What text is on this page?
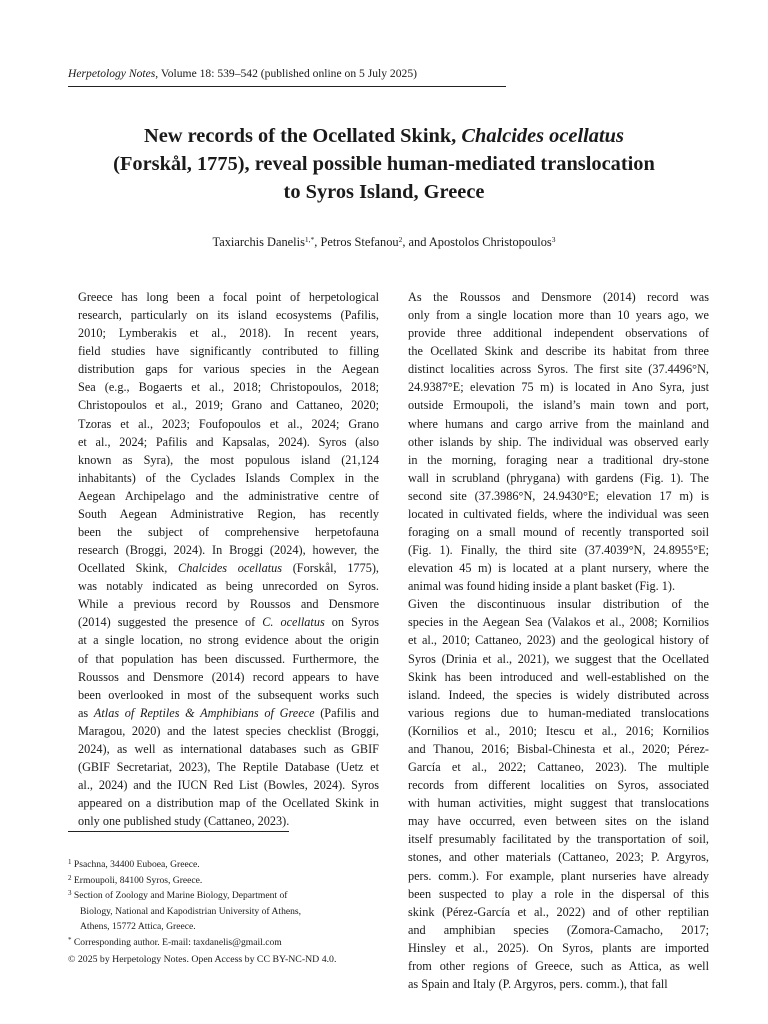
Herpetology Notes, Volume 18: 539–542 (published online on 5 July 2025)
New records of the Ocellated Skink, Chalcides ocellatus
(Forskål, 1775), reveal possible human-mediated translocation
to Syros Island, Greece
Taxiarchis Danelis$^{1,*}$, Petros Stefanou$^2$, and Apostolos Christopoulos$^3$

Greece has long been a focal point of herpetological
research, particularly on its island ecosystems (Pafilis,
2010; Lymberakis et al., 2018). In recent years,
field studies have significantly contributed to filling
distribution gaps for various species in the Aegean
Sea (e.g., Bogaerts et al., 2018; Christopoulos, 2018;
Christopoulos et al., 2019; Grano and Cattaneo, 2020;
Tzoras et al., 2023; Foufopoulos et al., 2024; Grano
et al., 2024; Pafilis and Kapsalas, 2024). Syros (also
known as Syra), the most populous island (21,124
inhabitants) of the Cyclades Islands Complex in the
Aegean Archipelago and the administrative centre of
South Aegean Administrative Region, has recently
been the subject of comprehensive herpetofauna
research (Broggi, 2024). In Broggi (2024), however, the
Ocellated Skink, Chalcides ocellatus (Forskål, 1775),
was notably indicated as being unrecorded on Syros.
While a previous record by Roussos and Densmore
(2014) suggested the presence of C. ocellatus on Syros
at a single location, no strong evidence about the origin
of that population has been discussed. Furthermore, the
Roussos and Densmore (2014) record appears to have
been overlooked in most of the subsequent works such
as Atlas of Reptiles & Amphibians of Greece (Pafilis and
Maragou, 2020) and the latest species checklist (Broggi,
2024), as well as international databases such as GBIF
(GBIF Secretariat, 2023), The Reptile Database (Uetz et
al., 2024) and the IUCN Red List (Bowles, 2024). Syros
appeared on a distribution map of the Ocellated Skink in
only one published study (Cattaneo, 2023).

As the Roussos and Densmore (2014) record was
only from a single location more than 10 years ago, we
provide three additional independent observations of
the Ocellated Skink and describe its habitat from three
distinct localities across Syros. The first site (37.4496°N,
24.9387°E; elevation 75 m) is located in Ano Syra, just
outside Ermoupoli, the island’s main town and port,
where humans and cargo arrive from the mainland and
other islands by ship. The individual was observed early
in the morning, foraging near a traditional dry-stone
wall in scrubland (phrygana) with gardens (Fig. 1). The
second site (37.3986°N, 24.9430°E; elevation 17 m) is
located in cultivated fields, where the individual was seen
foraging on a small mound of recently transported soil
(Fig. 1). Finally, the third site (37.4039°N, 24.8955°E;
elevation 45 m) is located at a plant nursery, where the
animal was found hiding inside a plant basket (Fig. 1).

Given the discontinuous insular distribution of the
species in the Aegean Sea (Valakos et al., 2008; Kornilios
et al., 2010; Cattaneo, 2023) and the geological history of
Syros (Drinia et al., 2021), we suggest that the Ocellated
Skink has been introduced and well-established on the
island. Indeed, the species is widely distributed across
various regions due to human-mediated translocations
(Kornilios et al., 2010; Itescu et al., 2016; Kornilios
and Thanou, 2016; Bisbal-Chinesta et al., 2020; Pérez-
García et al., 2022; Cattaneo, 2023). The multiple
records from different localities on Syros, associated
with human activities, might suggest that translocations
may have occurred, even between sites on the island
itself presumably facilitated by the transportation of soil,
stones, and other materials (Cattaneo, 2023; P. Argyros,
pers. comm.). For example, plant nurseries have already
been suspected to play a role in the dispersal of this
skink (Pérez-García et al., 2022) and of other reptilian
and amphibian species (Zomora-Camacho, 2017;
Hinsley et al., 2025). On Syros, plants are imported
from other regions of Greece, such as Attica, as well
as Spain and Italy (P. Argyros, pers. comm.), that fall

$^1$ Psachna, 34400 Euboea, Greece.

$^2$ Ermoupoli, 84100 Syros, Greece.

$^3$ Section of Zoology and Marine Biology, Department of

Biology, National and Kapodistrian University of Athens,

Athens, 15772 Attica, Greece.

* Corresponding author. E-mail: taxdanelis@gmail.com

© 2025 by Herpetology Notes. Open Access by CC BY-NC-ND 4.0.
